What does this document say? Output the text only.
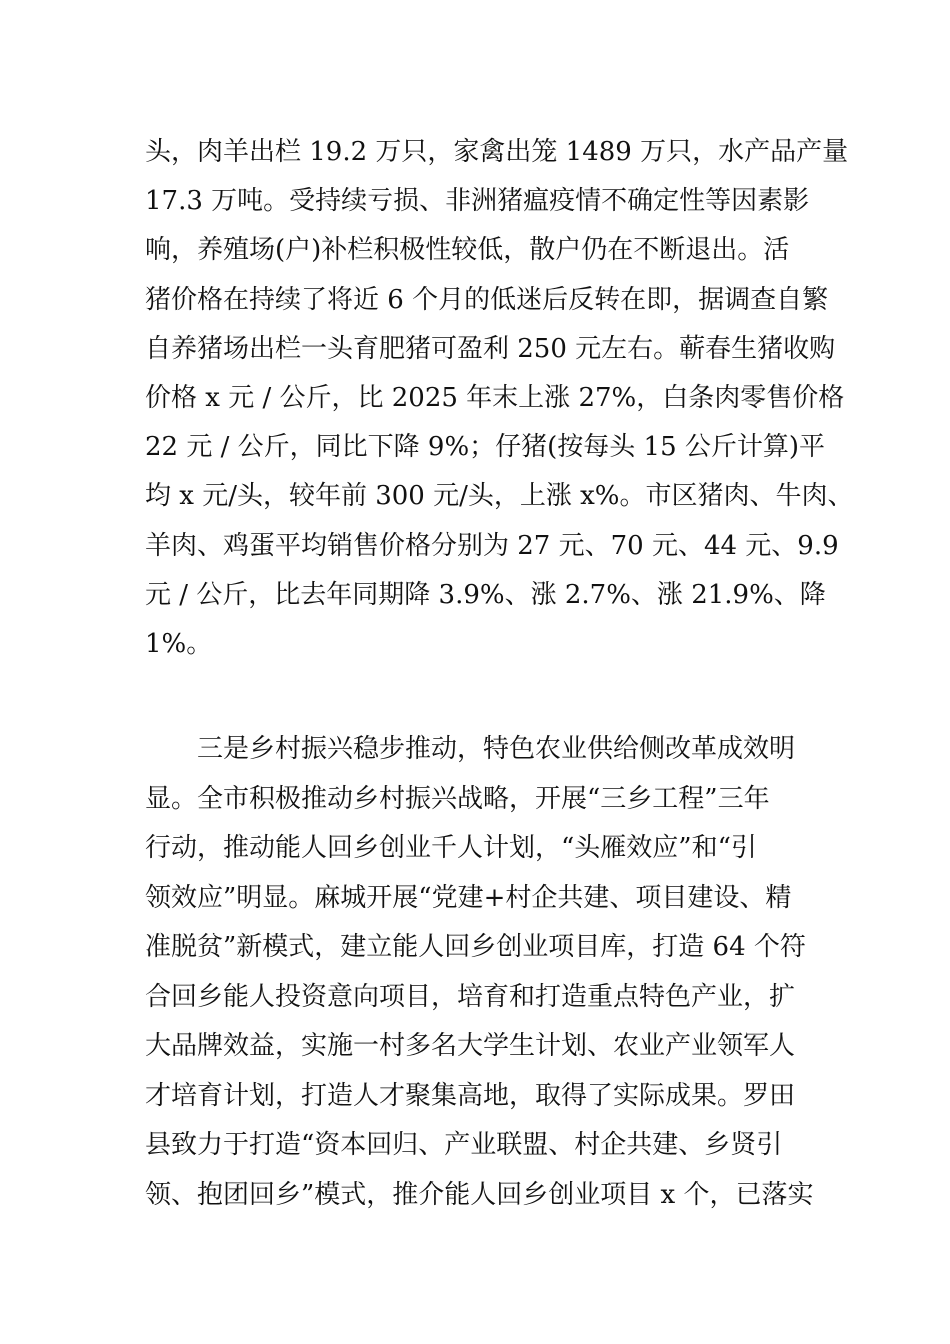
头，肉羊出栏 19.2 万只，家禽出笼 1489 万只，水产品产量
17.3 万吨。受持续亏损、非洲猪瘟疫情不确定性等因素影
响，养殖场(户)补栏积极性较低，散户仍在不断退出。活
猪价格在持续了将近 6 个月的低迷后反转在即，据调查自繁
自养猪场出栏一头育肥猪可盈利 250 元左右。蕲春生猪收购
价格 x 元 / 公斤，比 2025 年末上涨 27%，白条肉零售价格
22 元 / 公斤，同比下降 9%；仔猪(按每头 15 公斤计算)平
均 x 元/头，较年前 300 元/头，上涨 x%。市区猪肉、牛肉、
羊肉、鸡蛋平均销售价格分别为 27 元、70 元、44 元、9.9
元 / 公斤，比去年同期降 3.9%、涨 2.7%、涨 21.9%、降
1%。
三是乡村振兴稳步推动，特色农业供给侧改革成效明
显。全市积极推动乡村振兴战略，开展“三乡工程”三年
行动，推动能人回乡创业千人计划，“头雁效应”和“引
领效应”明显。麻城开展“党建+村企共建、项目建设、精
准脱贫”新模式，建立能人回乡创业项目库，打造 64 个符
合回乡能人投资意向项目，培育和打造重点特色产业，扩
大品牌效益，实施一村多名大学生计划、农业产业领军人
才培育计划，打造人才聚集高地，取得了实际成果。罗田
县致力于打造“资本回归、产业联盟、村企共建、乡贤引
领、抱团回乡”模式，推介能人回乡创业项目 x 个，已落实
